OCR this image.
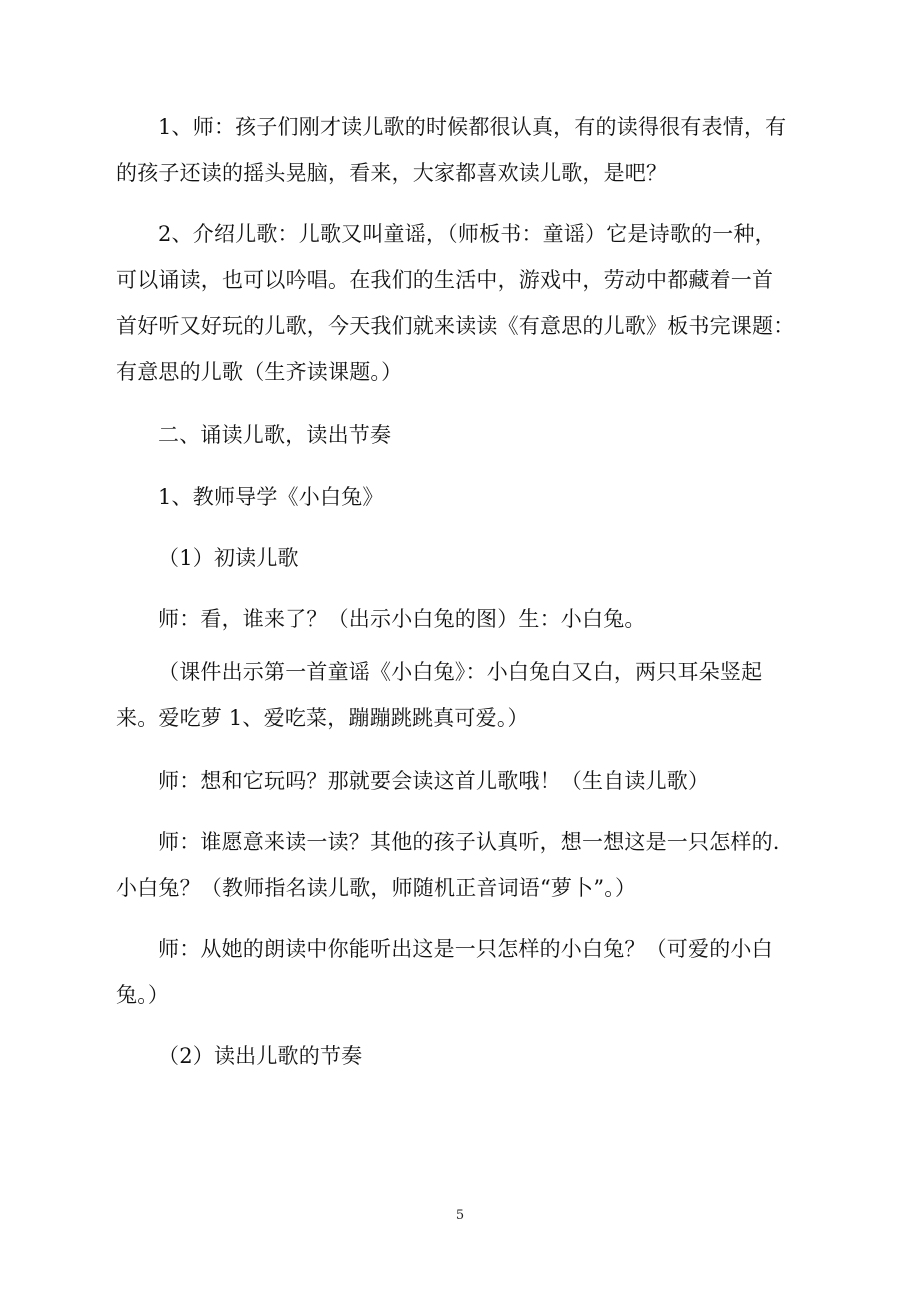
1、师：孩子们刚才读儿歌的时候都很认真，有的读得很有表情，有
的孩子还读的摇头晃脑，看来，大家都喜欢读儿歌，是吧？
2、介绍儿歌：儿歌又叫童谣，（师板书：童谣）它是诗歌的一种，
可以诵读，也可以吟唱。在我们的生活中，游戏中，劳动中都藏着一首
首好听又好玩的儿歌，今天我们就来读读《有意思的儿歌》板书完课题：
有意思的儿歌（生齐读课题。）
二、诵读儿歌，读出节奏
1、教师导学《小白兔》
（1）初读儿歌
师：看，谁来了？（出示小白兔的图）生：小白兔。
（课件出示第一首童谣《小白兔》：小白兔白又白，两只耳朵竖起
来。爱吃萝 1、爱吃菜，蹦蹦跳跳真可爱。）
师：想和它玩吗？那就要会读这首儿歌哦！（生自读儿歌）
师：谁愿意来读一读？其他的孩子认真听，想一想这是一只怎样的.
小白兔？（教师指名读儿歌，师随机正音词语“萝卜”。）
师：从她的朗读中你能听出这是一只怎样的小白兔？（可爱的小白
兔。）
（2）读出儿歌的节奏
5
